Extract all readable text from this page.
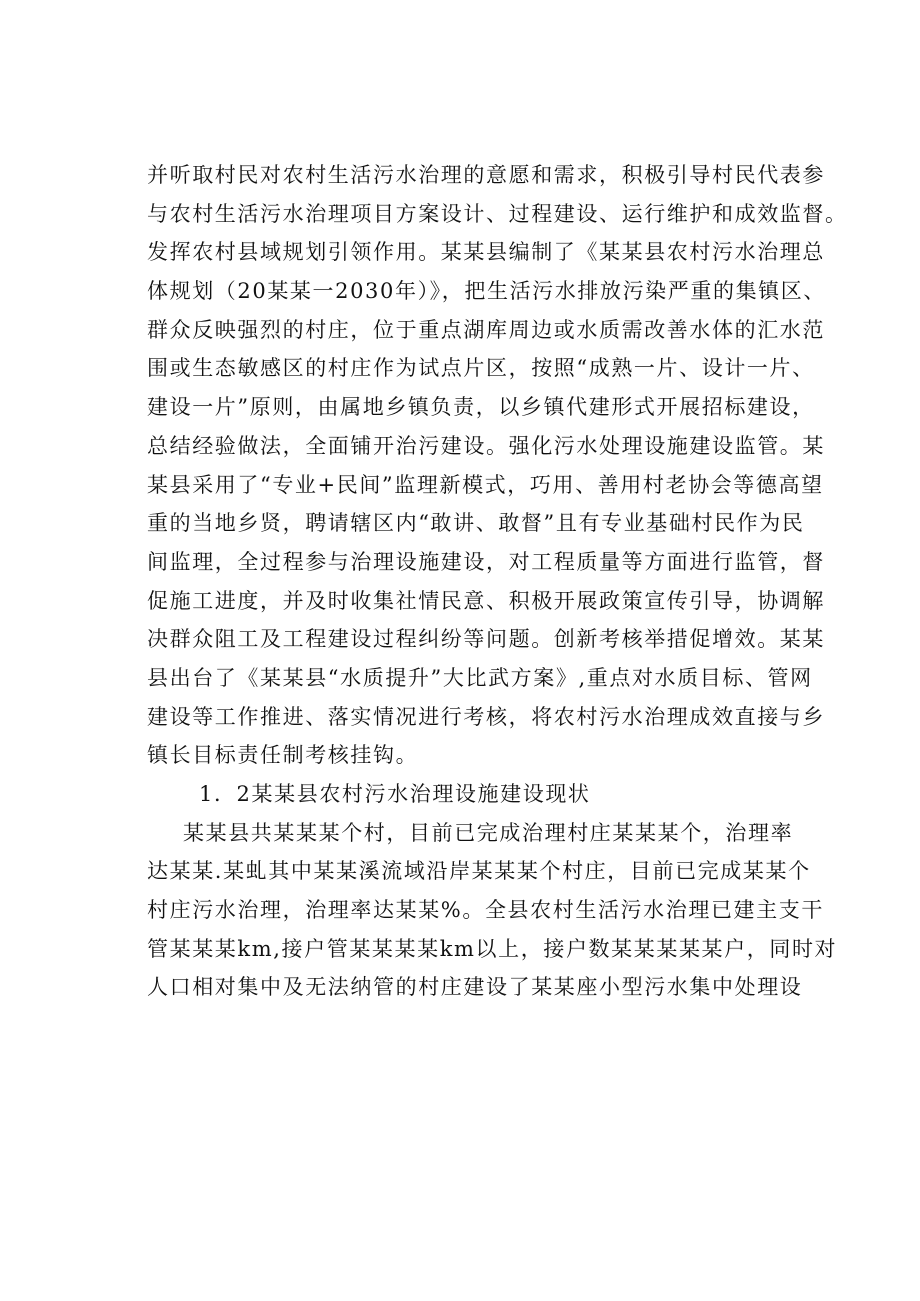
并听取村民对农村生活污水治理的意愿和需求，积极引导村民代表参
与农村生活污水治理项目方案设计、过程建设、运行维护和成效监督。
发挥农村县域规划引领作用。某某县编制了《某某县农村污水治理总
体规划（20某某一2030年）》，把生活污水排放污染严重的集镇区、
群众反映强烈的村庄，位于重点湖库周边或水质需改善水体的汇水范
围或生态敏感区的村庄作为试点片区，按照“成熟一片、设计一片、
建设一片”原则，由属地乡镇负责，以乡镇代建形式开展招标建设，
总结经验做法，全面铺开治污建设。强化污水处理设施建设监管。某
某县采用了“专业+民间”监理新模式，巧用、善用村老协会等德高望
重的当地乡贤，聘请辖区内“敢讲、敢督”且有专业基础村民作为民
间监理，全过程参与治理设施建设，对工程质量等方面进行监管，督
促施工进度，并及时收集社情民意、积极开展政策宣传引导，协调解
决群众阻工及工程建设过程纠纷等问题。创新考核举措促增效。某某
县出台了《某某县“水质提升”大比武方案》,重点对水质目标、管网
建设等工作推进、落实情况进行考核，将农村污水治理成效直接与乡
镇长目标责任制考核挂钩。
1．2某某县农村污水治理设施建设现状
某某县共某某某个村，目前已完成治理村庄某某某个，治理率
达某某.某虬其中某某溪流域沿岸某某某个村庄，目前已完成某某个
村庄污水治理，治理率达某某%。全县农村生活污水治理已建主支干
管某某某km,接户管某某某某km以上，接户数某某某某某户，同时对
人口相对集中及无法纳管的村庄建设了某某座小型污水集中处理设
